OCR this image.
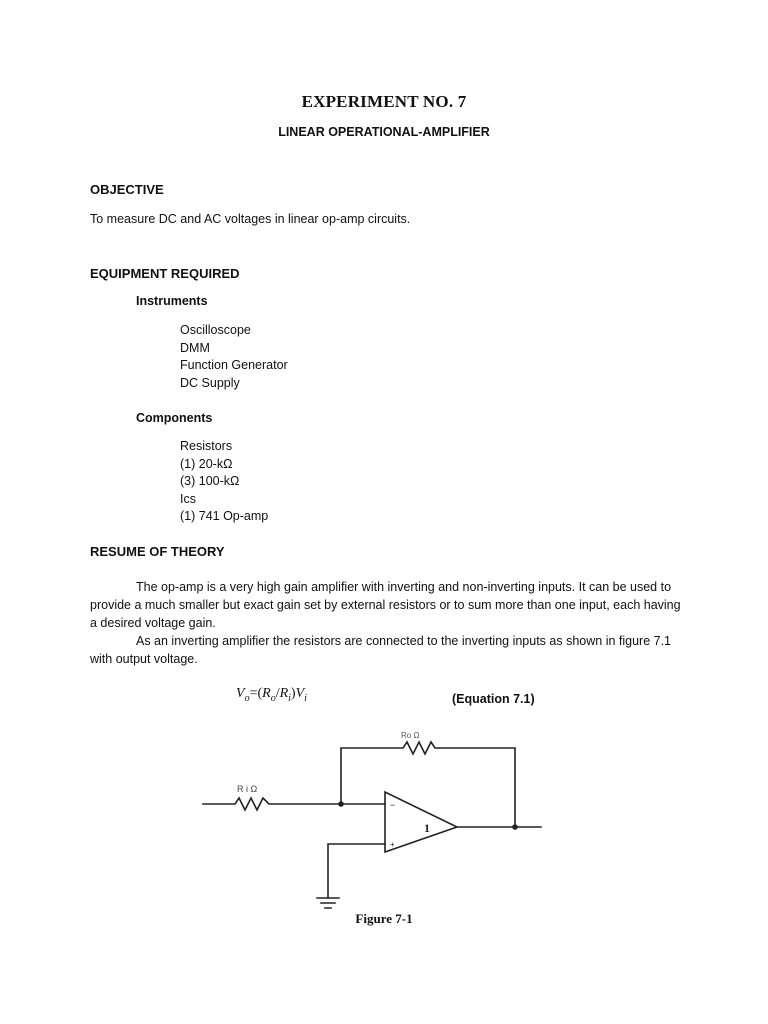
EXPERIMENT NO. 7
LINEAR OPERATIONAL-AMPLIFIER
OBJECTIVE
To measure DC and AC voltages in linear op-amp circuits.
EQUIPMENT REQUIRED
Instruments
Oscilloscope
DMM
Function Generator
DC Supply
Components
Resistors
(1) 20-kΩ
(3) 100-kΩ
Ics
(1) 741 Op-amp
RESUME OF THEORY

The op-amp is a very high gain amplifier with inverting and non-inverting inputs. It can be used to provide a much smaller but exact gain set by external resistors or to sum more than one input, each having a desired voltage gain.

As an inverting amplifier the resistors are connected to the inverting inputs as shown in figure 7.1 with output voltage.

$V_o=(R_o/R_i)V_i$	(Equation 7.1)
Ro Ω
R i Ω
−
+
1
Figure 7-1
